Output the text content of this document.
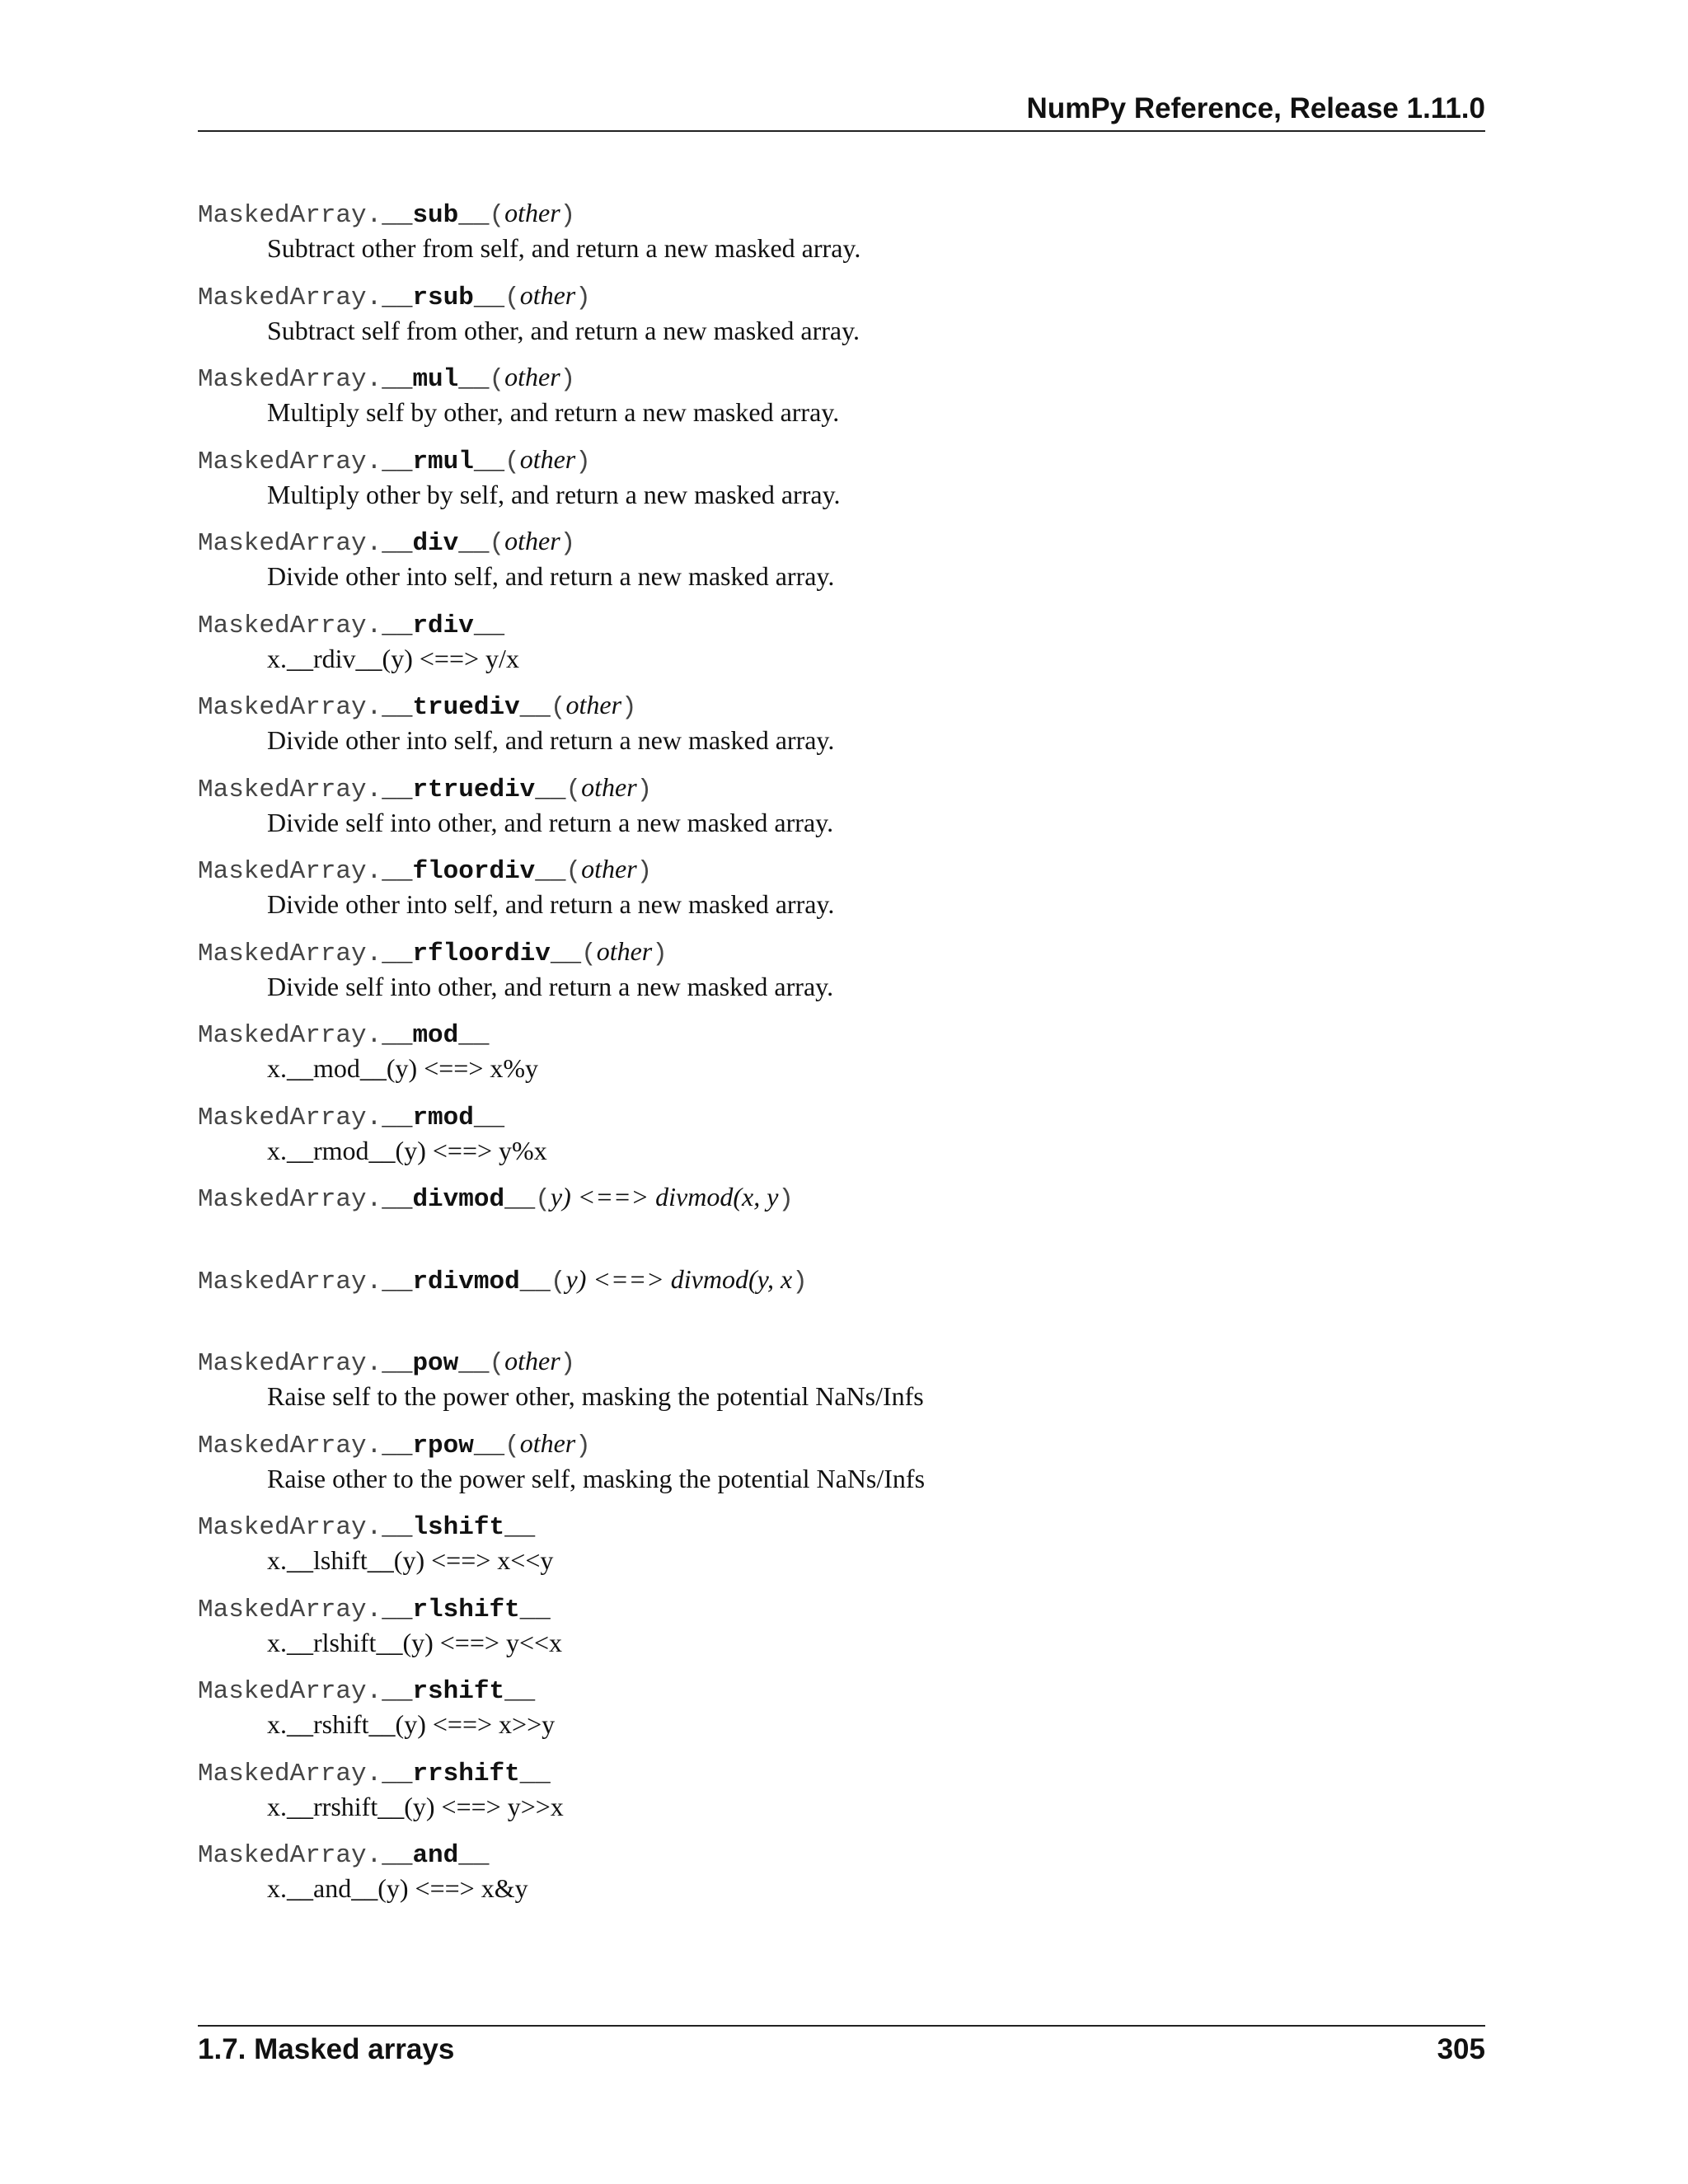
NumPy Reference, Release 1.11.0
MaskedArray.__sub__(other)
Subtract other from self, and return a new masked array.
MaskedArray.__rsub__(other)
Subtract self from other, and return a new masked array.
MaskedArray.__mul__(other)
Multiply self by other, and return a new masked array.
MaskedArray.__rmul__(other)
Multiply other by self, and return a new masked array.
MaskedArray.__div__(other)
Divide other into self, and return a new masked array.
MaskedArray.__rdiv__
x.__rdiv__(y) <==> y/x
MaskedArray.__truediv__(other)
Divide other into self, and return a new masked array.
MaskedArray.__rtruediv__(other)
Divide self into other, and return a new masked array.
MaskedArray.__floordiv__(other)
Divide other into self, and return a new masked array.
MaskedArray.__rfloordiv__(other)
Divide self into other, and return a new masked array.
MaskedArray.__mod__
x.__mod__(y) <==> x%y
MaskedArray.__rmod__
x.__rmod__(y) <==> y%x
MaskedArray.__divmod__(y) <==> divmod(x, y)
MaskedArray.__rdivmod__(y) <==> divmod(y, x)
MaskedArray.__pow__(other)
Raise self to the power other, masking the potential NaNs/Infs
MaskedArray.__rpow__(other)
Raise other to the power self, masking the potential NaNs/Infs
MaskedArray.__lshift__
x.__lshift__(y) <==> x<<y
MaskedArray.__rlshift__
x.__rlshift__(y) <==> y<<x
MaskedArray.__rshift__
x.__rshift__(y) <==> x>>y
MaskedArray.__rrshift__
x.__rrshift__(y) <==> y>>x
MaskedArray.__and__
x.__and__(y) <==> x&y
1.7. Masked arrays	305
